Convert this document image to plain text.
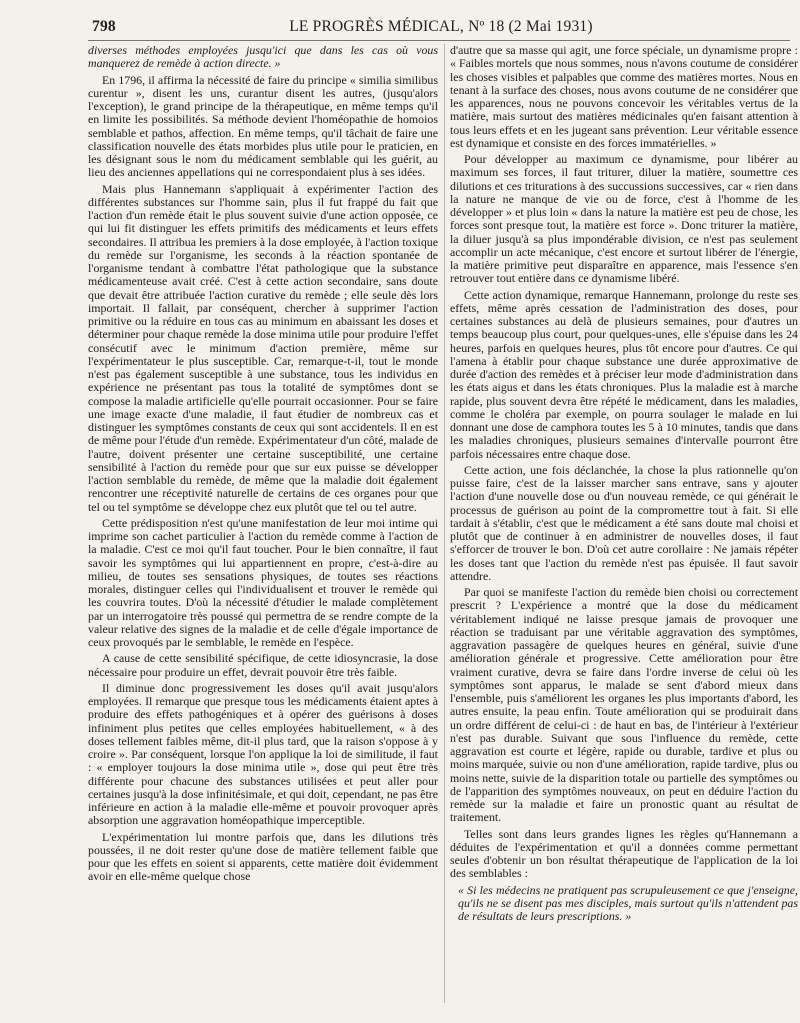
798	LE PROGRÈS MÉDICAL, Nº 18 (2 Mai 1931)

diverses méthodes employées jusqu'ici que dans les cas où vous manquerez de remède à action directe. »

En 1796, il affirma la nécessité de faire du principe « similia similibus curentur », disent les uns, curantur disent les autres, (jusqu'alors l'exception), le grand principe de la thérapeutique, en même temps qu'il en limite les possibilités. Sa méthode devient l'homéopathie de homoios semblable et pathos, affection. En même temps, qu'il tâchait de faire une classification nouvelle des états morbides plus utile pour le praticien, en les désignant sous le nom du médicament semblable qui les guérit, au lieu des anciennes appellations qui ne correspondaient plus à ses idées.

Mais plus Hannemann s'appliquait à expérimenter l'action des différentes substances sur l'homme sain, plus il fut frappé du fait que l'action d'un remède était le plus souvent suivie d'une action opposée, ce qui lui fit distinguer les effets primitifs des médicaments et leurs effets secondaires. Il attribua les premiers à la dose employée, à l'action toxique du remède sur l'organisme, les seconds à la réaction spontanée de l'organisme tendant à combattre l'état pathologique que la substance médicamenteuse avait créé. C'est à cette action secondaire, sans doute que devait être attribuée l'action curative du remède ; elle seule dès lors importait. Il fallait, par conséquent, chercher à supprimer l'action primitive ou la réduire en tous cas au minimum en abaissant les doses et déterminer pour chaque remède la dose minima utile pour produire l'effet consécutif avec le minimum d'action première, même sur l'expérimentateur le plus susceptible. Car, remarque-t-il, tout le monde n'est pas également susceptible à une substance, tous les individus en expérience ne présentant pas tous la totalité de symptômes dont se compose la maladie artificielle qu'elle pourrait occasionner. Pour se faire une image exacte d'une maladie, il faut étudier de nombreux cas et distinguer les symptômes constants de ceux qui sont accidentels. Il en est de même pour l'étude d'un remède. Expérimentateur d'un côté, malade de l'autre, doivent présenter une certaine susceptibilité, une certaine sensibilité à l'action du remède pour que sur eux puisse se développer l'action semblable du remède, de même que la maladie doit également rencontrer une réceptivité naturelle de certains de ces organes pour que tel ou tel symptôme se développe chez eux plutôt que tel ou tel autre.

Cette prédisposition n'est qu'une manifestation de leur moi intime qui imprime son cachet particulier à l'action du remède comme à l'action de la maladie. C'est ce moi qu'il faut toucher. Pour le bien connaître, il faut savoir les symptômes qui lui appartiennent en propre, c'est-à-dire au milieu, de toutes ses sensations physiques, de toutes ses réactions morales, distinguer celles qui l'individualisent et trouver le remède qui les couvrira toutes. D'où la nécessité d'étudier le malade complètement par un interrogatoire très poussé qui permettra de se rendre compte de la valeur relative des signes de la maladie et de celle d'égale importance de ceux provoqués par le semblable, le remède en l'espèce.

A cause de cette sensibilité spécifique, de cette idiosyncrasie, la dose nécessaire pour produire un effet, devrait pouvoir être très faible.

Il diminue donc progressivement les doses qu'il avait jusqu'alors employées. Il remarque que presque tous les médicaments étaient aptes à produire des effets pathogéniques et à opérer des guérisons à doses infiniment plus petites que celles employées habituellement, « à des doses tellement faibles même, dit-il plus tard, que la raison s'oppose à y croire ». Par conséquent, lorsque l'on applique la loi de similitude, il faut : « employer toujours la dose minima utile », dose qui peut être très différente pour chacune des substances utilisées et peut aller pour certaines jusqu'à la dose infinitésimale, et qui doit, cependant, ne pas être inférieure en action à la maladie elle-même et pouvoir provoquer après absorption une aggravation homéopathique imperceptible.

L'expérimentation lui montre parfois que, dans les dilutions très poussées, il ne doit rester qu'une dose de matière tellement faible que pour que les effets en soient si apparents, cette matière doit évidemment avoir en elle-même quelque chose

d'autre que sa masse qui agit, une force spéciale, un dynamisme propre : « Faibles mortels que nous sommes, nous n'avons coutume de considérer les choses visibles et palpables que comme des matières mortes. Nous en tenant à la surface des choses, nous avons coutume de ne considérer que les apparences, nous ne pouvons concevoir les véritables vertus de la matière, mais surtout des matières médicinales qu'en faisant attention à tous leurs effets et en les jugeant sans prévention. Leur véritable essence est dynamique et consiste en des forces immatérielles. »

Pour développer au maximum ce dynamisme, pour libérer au maximum ses forces, il faut triturer, diluer la matière, soumettre ces dilutions et ces triturations à des succussions successives, car « rien dans la nature ne manque de vie ou de force, c'est à l'homme de les développer » et plus loin « dans la nature la matière est peu de chose, les forces sont presque tout, la matière est force ». Donc triturer la matière, la diluer jusqu'à sa plus impondérable division, ce n'est pas seulement accomplir un acte mécanique, c'est encore et surtout libérer de l'énergie, la matière primitive peut disparaître en apparence, mais l'essence s'en retrouver tout entière dans ce dynamisme libéré.

Cette action dynamique, remarque Hannemann, prolonge du reste ses effets, même après cessation de l'administration des doses, pour certaines substances au delà de plusieurs semaines, pour d'autres un temps beaucoup plus court, pour quelques-unes, elle s'épuise dans les 24 heures, parfois en quelques heures, plus tôt encore pour d'autres. Ce qui l'amena à établir pour chaque substance une durée approximative de durée d'action des remèdes et à préciser leur mode d'administration dans les états aigus et dans les états chroniques. Plus la maladie est à marche rapide, plus souvent devra être répété le médicament, dans les maladies, comme le choléra par exemple, on pourra soulager le malade en lui donnant une dose de camphora toutes les 5 à 10 minutes, tandis que dans les maladies chroniques, plusieurs semaines d'intervalle pourront être parfois nécessaires entre chaque dose.

Cette action, une fois déclanchée, la chose la plus rationnelle qu'on puisse faire, c'est de la laisser marcher sans entrave, sans y ajouter l'action d'une nouvelle dose ou d'un nouveau remède, ce qui générait le processus de guérison au point de la compromettre tout à fait. Si elle tardait à s'établir, c'est que le médicament a été sans doute mal choisi et plutôt que de continuer à en administrer de nouvelles doses, il faut s'efforcer de trouver le bon. D'où cet autre corollaire : Ne jamais répéter les doses tant que l'action du remède n'est pas épuisée. Il faut savoir attendre.

Par quoi se manifeste l'action du remède bien choisi ou correctement prescrit ? L'expérience a montré que la dose du médicament véritablement indiqué ne laisse presque jamais de provoquer une réaction se traduisant par une véritable aggravation des symptômes, aggravation passagère de quelques heures en général, suivie d'une amélioration générale et progressive. Cette amélioration pour être vraiment curative, devra se faire dans l'ordre inverse de celui où les symptômes sont apparus, le malade se sent d'abord mieux dans l'ensemble, puis s'améliorent les organes les plus importants d'abord, les autres ensuite, la peau enfin. Toute amélioration qui se produirait dans un ordre différent de celui-ci : de haut en bas, de l'intérieur à l'extérieur n'est pas durable. Suivant que sous l'influence du remède, cette aggravation est courte et légère, rapide ou durable, tardive et plus ou moins marquée, suivie ou non d'une amélioration, rapide tardive, plus ou moins nette, suivie de la disparition totale ou partielle des symptômes ou de l'apparition des symptômes nouveaux, on peut en déduire l'action du remède sur la maladie et faire un pronostic quant au résultat de traitement.

Telles sont dans leurs grandes lignes les règles qu'Hannemann a déduites de l'expérimentation et qu'il a données comme permettant seules d'obtenir un bon résultat thérapeutique de l'application de la loi des semblables :

« Si les médecins ne pratiquent pas scrupuleusement ce que j'enseigne, qu'ils ne se disent pas mes disciples, mais surtout qu'ils n'attendent pas de résultats de leurs prescriptions. »
